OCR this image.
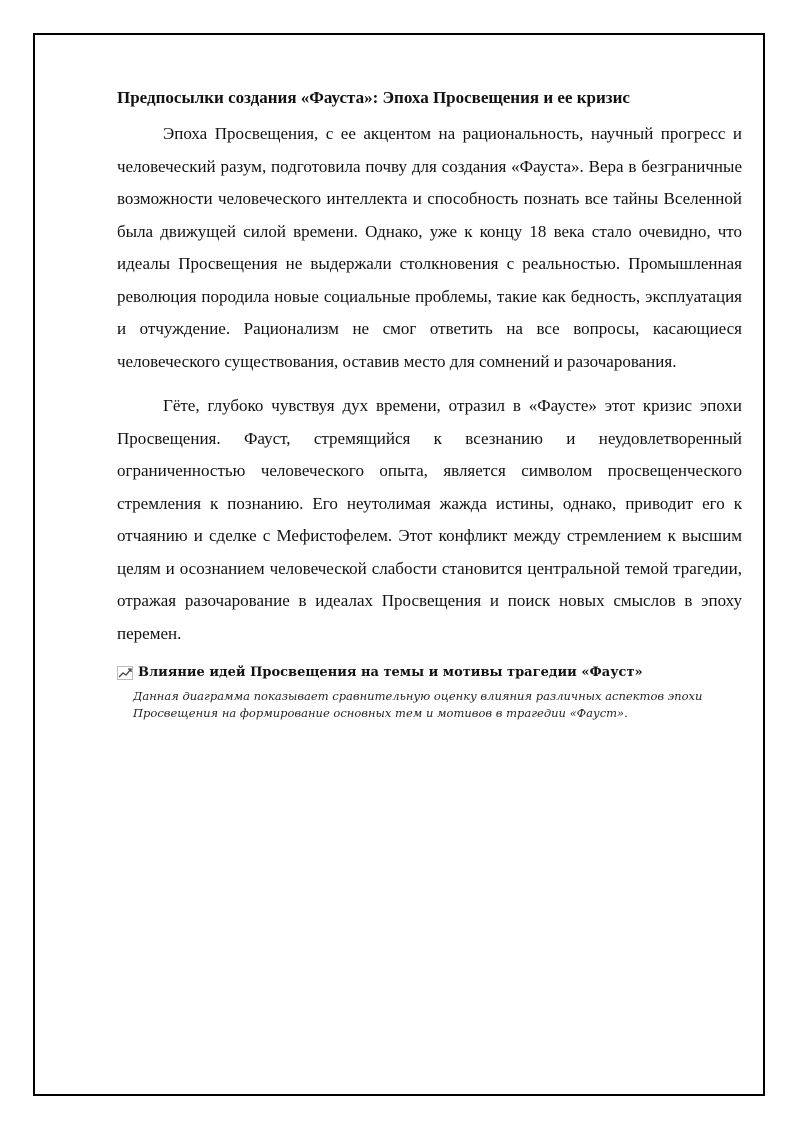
Предпосылки создания «Фауста»: Эпоха Просвещения и ее кризис

Эпоха Просвещения, с ее акцентом на рациональность, научный прогресс и человеческий разум, подготовила почву для создания «Фауста». Вера в безграничные возможности человеческого интеллекта и способность познать все тайны Вселенной была движущей силой времени. Однако, уже к концу 18 века стало очевидно, что идеалы Просвещения не выдержали столкновения с реальностью. Промышленная революция породила новые социальные проблемы, такие как бедность, эксплуатация и отчуждение. Рационализм не смог ответить на все вопросы, касающиеся человеческого существования, оставив место для сомнений и разочарования.

Гёте, глубоко чувствуя дух времени, отразил в «Фаусте» этот кризис эпохи Просвещения. Фауст, стремящийся к всезнанию и неудовлетворенный ограниченностью человеческого опыта, является символом просвещенческого стремления к познанию. Его неутолимая жажда истины, однако, приводит его к отчаянию и сделке с Мефистофелем. Этот конфликт между стремлением к высшим целям и осознанием человеческой слабости становится центральной темой трагедии, отражая разочарование в идеалах Просвещения и поиск новых смыслов в эпоху перемен.

Влияние идей Просвещения на темы и мотивы трагедии «Фауст»

Данная диаграмма показывает сравнительную оценку влияния различных аспектов эпохи Просвещения на формирование основных тем и мотивов в трагедии «Фауст».
